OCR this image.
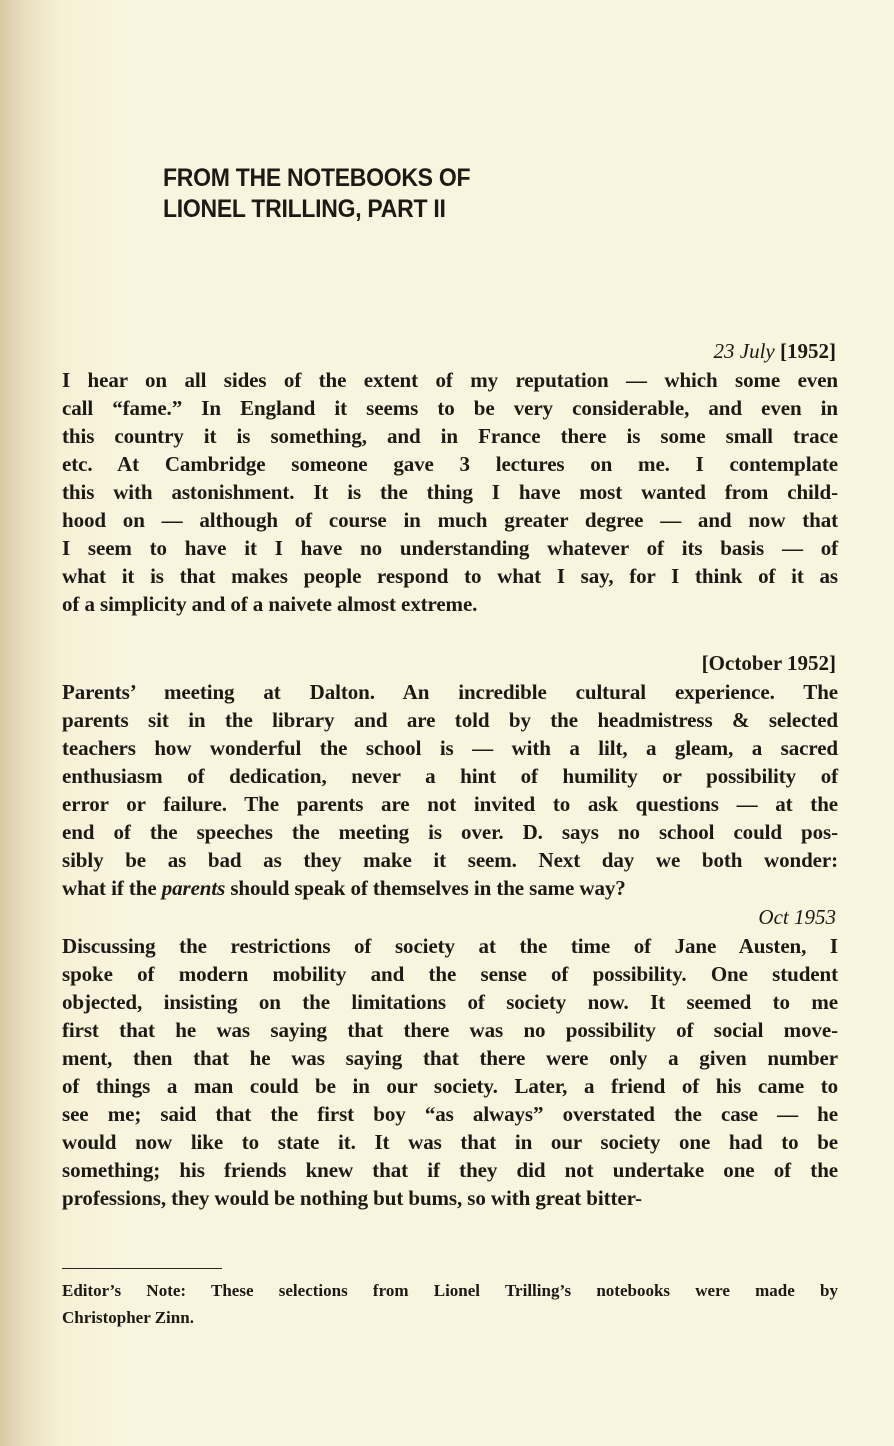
FROM THE NOTEBOOKS OF
LIONEL TRILLING, PART II
23 July [1952]
I hear on all sides of the extent of my reputation — which some even
call “fame.” In England it seems to be very considerable, and even in
this country it is something, and in France there is some small trace
etc. At Cambridge someone gave 3 lectures on me. I contemplate
this with astonishment. It is the thing I have most wanted from child-
hood on — although of course in much greater degree — and now that
I seem to have it I have no understanding whatever of its basis — of
what it is that makes people respond to what I say, for I think of it as
of a simplicity and of a naivete almost extreme.
[October 1952]
Parents’ meeting at Dalton. An incredible cultural experience. The
parents sit in the library and are told by the headmistress & selected
teachers how wonderful the school is — with a lilt, a gleam, a sacred
enthusiasm of dedication, never a hint of humility or possibility of
error or failure. The parents are not invited to ask questions — at the
end of the speeches the meeting is over. D. says no school could pos-
sibly be as bad as they make it seem. Next day we both wonder:
what if the parents should speak of themselves in the same way?
Oct 1953
Discussing the restrictions of society at the time of Jane Austen, I
spoke of modern mobility and the sense of possibility. One student
objected, insisting on the limitations of society now. It seemed to me
first that he was saying that there was no possibility of social move-
ment, then that he was saying that there were only a given number
of things a man could be in our society. Later, a friend of his came to
see me; said that the first boy “as always” overstated the case — he
would now like to state it. It was that in our society one had to be
something; his friends knew that if they did not undertake one of the
professions, they would be nothing but bums, so with great bitter-
Editor’s Note: These selections from Lionel Trilling’s notebooks were made by
Christopher Zinn.
